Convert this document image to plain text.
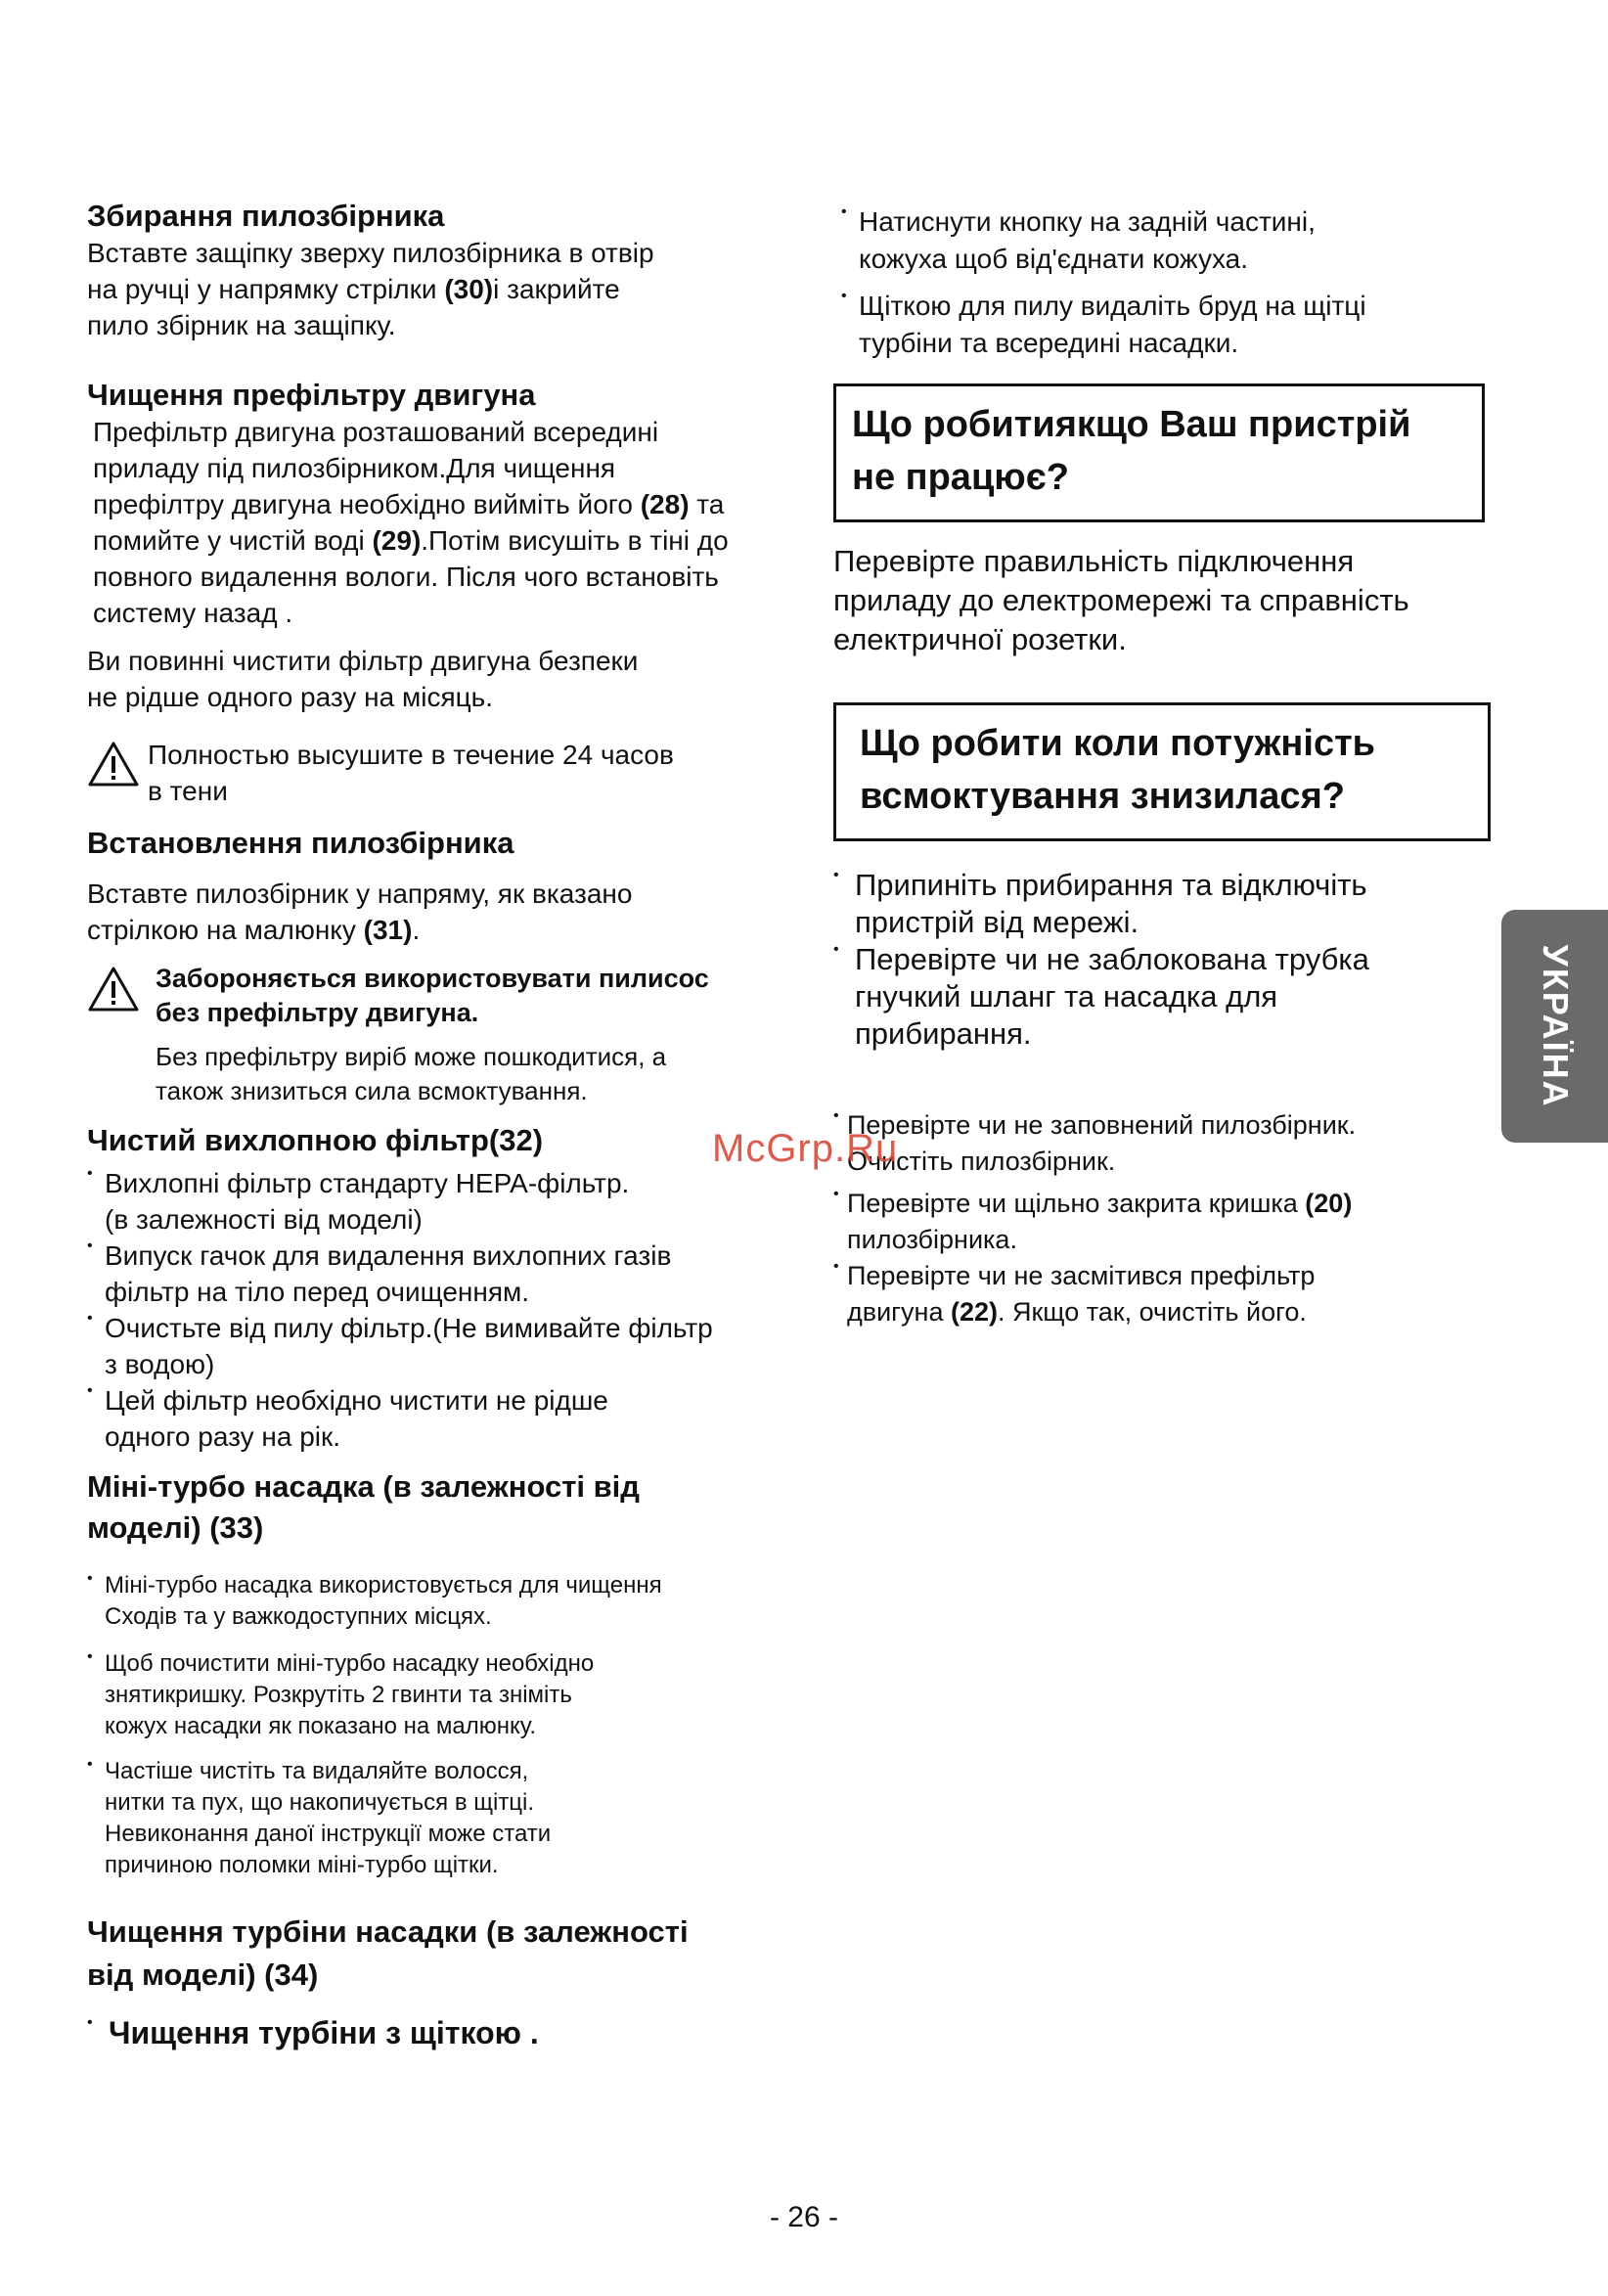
Збирання пилозбірника

Вставте защіпку зверху пилозбірника в отвір

на ручці у напрямку стрілки (30)і закрийте

пило збірник на защіпку.

Чищення префільтру двигуна

Префільтр двигуна розташований всередині

приладу під пилозбірником.Для чищення

префілтру двигуна необхідно вийміть його (28) та

помийте у чистій воді (29).Потім висушіть в тіні до

повного видалення вологи. Після чого встановіть

систему назад .

Ви повинні чистити фільтр двигуна безпеки

не рідше одного разу на місяць.

Полностью высушите в течение 24 часов

в тени

Встановлення пилозбірника

Вставте пилозбірник у напряму, як вказано

стрілкою на малюнку (31).

Забороняється використовувати пилисос

без префільтру двигуна.

Без префільтру виріб може пошкодитися, а

також знизиться сила всмоктування.

Чистий вихлопною фільтр(32)

• Вихлопні фільтр стандарту HEPA-фільтр.

(в залежності від моделі)

• Випуск гачок для видалення вихлопних газів

фільтр на тіло перед очищенням.

• Очистьте від пилу фільтр.(Не вимивайте фільтр

з водою)

• Цей фільтр необхідно чистити не рідше

одного разу на рік.

Міні-турбо насадка (в залежності від

моделі) (33)

• Міні-турбо насадка використовується для чищення

Сходів та у важкодоступних місцях.

• Щоб почистити міні-турбо насадку необхідно

знятикришку. Розкрутіть 2 гвинти та зніміть

кожух насадки як показано на малюнку.

• Частіше чистіть та видаляйте волосся,

нитки та пух, що накопичується в щітці.

Невиконання даної інструкції може стати

причиною поломки міні-турбо щітки.

Чищення турбіни насадки (в залежності

від моделі) (34)

• Чищення турбіни з щіткою .

• Натиснути кнопку на задній частині,

кожуха щоб від'єднати кожуха.

• Щіткою для пилу видаліть бруд на щітці

турбіни та всередині насадки.

Що робитиякщо Ваш пристрій
не працює?

Перевірте правильність підключення

приладу до електромережі та справність

електричної розетки.

Що робити коли потужність
всмоктування знизилася?

• Припиніть прибирання та відключіть

пристрій від мережі.

• Перевірте чи не заблокована трубка

гнучкий шланг та насадка для

прибирання.

• Перевірте чи не заповнений пилозбірник.

Очистіть пилозбірник.

• Перевірте чи щільно закрита кришка (20)

пилозбірника.

• Перевірте чи не засмітився префільтр

двигуна (22). Якщо так, очистіть його.

УКРАЇНА
McGrp.Ru
- 26 -
